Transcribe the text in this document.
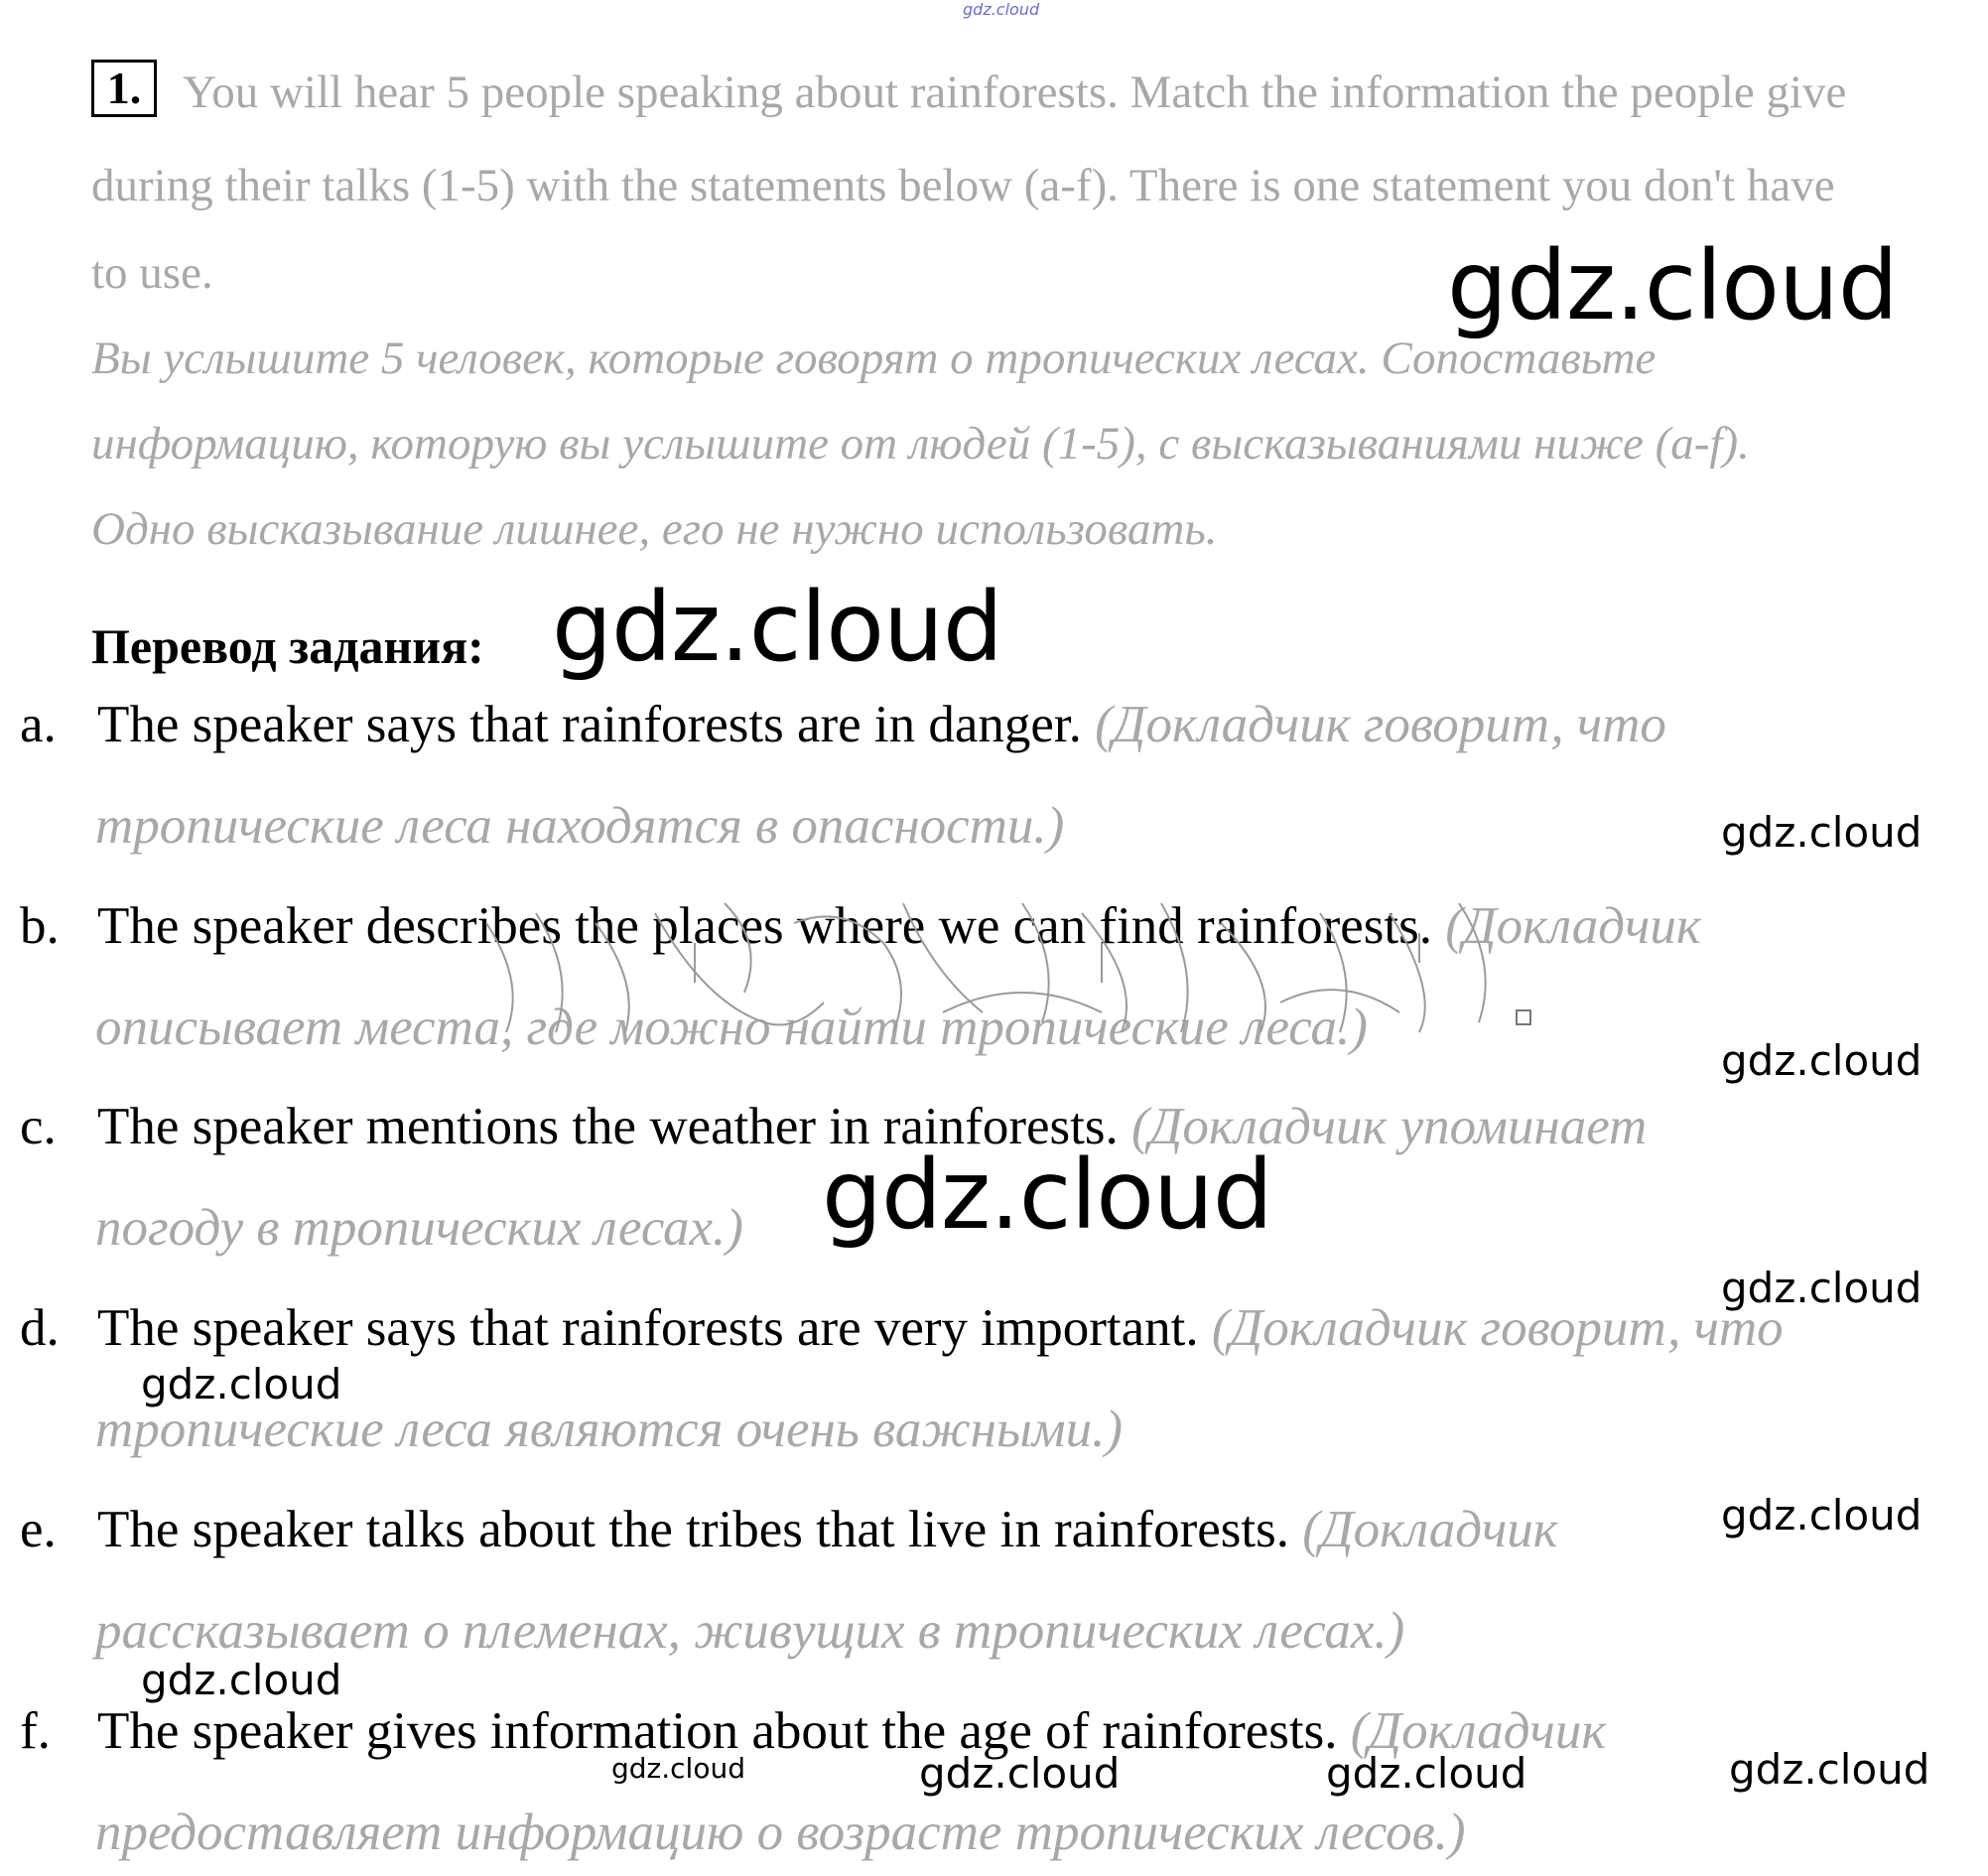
gdz.cloud
1. You will hear 5 people speaking about rainforests. Match the information the people give
during their talks (1-5) with the statements below (a-f). There is one statement you don't have
to use.
Вы услышите 5 человек, которые говорят о тропических лесах. Сопоставьте
информацию, которую вы услышите от людей (1-5), с высказываниями ниже (a-f).
Одно высказывание лишнее, его не нужно использовать.
Перевод задания:
a. The speaker says that rainforests are in danger. (Докладчик говорит, что
тропические леса находятся в опасности.)
b. The speaker describes the places where we can find rainforests. (Докладчик
описывает места, где можно найти тропические леса.)
c. The speaker mentions the weather in rainforests. (Докладчик упоминает
погоду в тропических лесах.)
d. The speaker says that rainforests are very important. (Докладчик говорит, что
тропические леса являются очень важными.)
e. The speaker talks about the tribes that live in rainforests. (Докладчик
рассказывает о племенах, живущих в тропических лесах.)
f. The speaker gives information about the age of rainforests. (Докладчик
предоставляет информацию о возрасте тропических лесов.)
gdz.cloud
gdz.cloud
gdz.cloud
gdz.cloud
gdz.cloud
gdz.cloud
gdz.cloud
gdz.cloud
gdz.cloud
gdz.cloud	gdz.cloud	gdz.cloud
gdz.cloud
